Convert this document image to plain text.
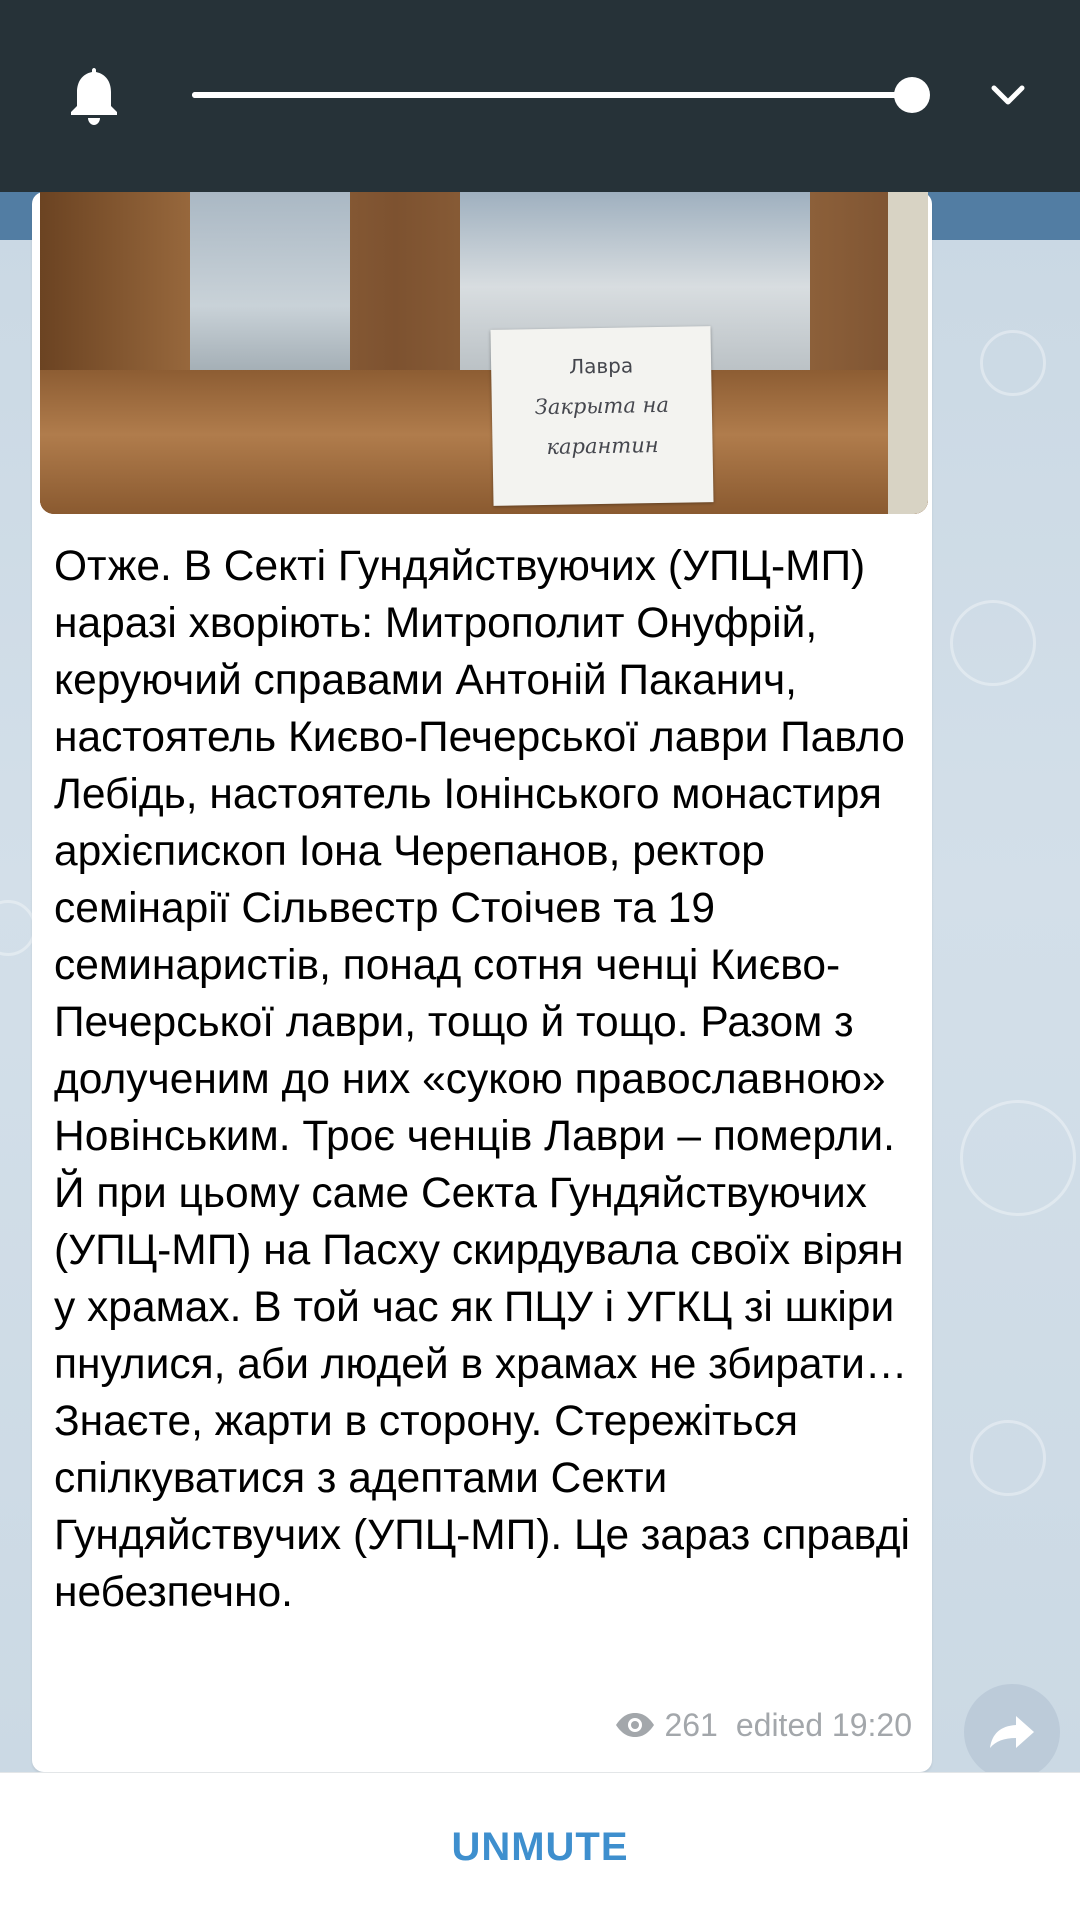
Лавра
Закрыта на
карантин

Отже. В Секті Гундяйствуючих (УПЦ-МП) наразі хворіють: Митрополит Онуфрій, керуючий справами Антоній Паканич, настоятель Києво-Печерської лаври Павло Лебідь, настоятель Іонінського монастиря архієпископ Іона Черепанов, ректор семінарії Сільвестр Стоічев та 19 семинаристів, понад сотня ченці Києво-Печерської лаври, тощо й тощо. Разом з долученим до них «сукою православною» Новінським. Троє ченців Лаври – померли. Й при цьому саме Секта Гундяйствуючих (УПЦ-МП) на Пасху скирдувала своїх вірян у храмах. В той час як ПЦУ і УГКЦ зі шкіри пнулися, аби людей в храмах не збирати… Знаєте, жарти в сторону. Стережіться спілкуватися з адептами Секти Гундяйствучих (УПЦ-МП). Це зараз справді небезпечно.

261 edited 19:20
UNMUTE
